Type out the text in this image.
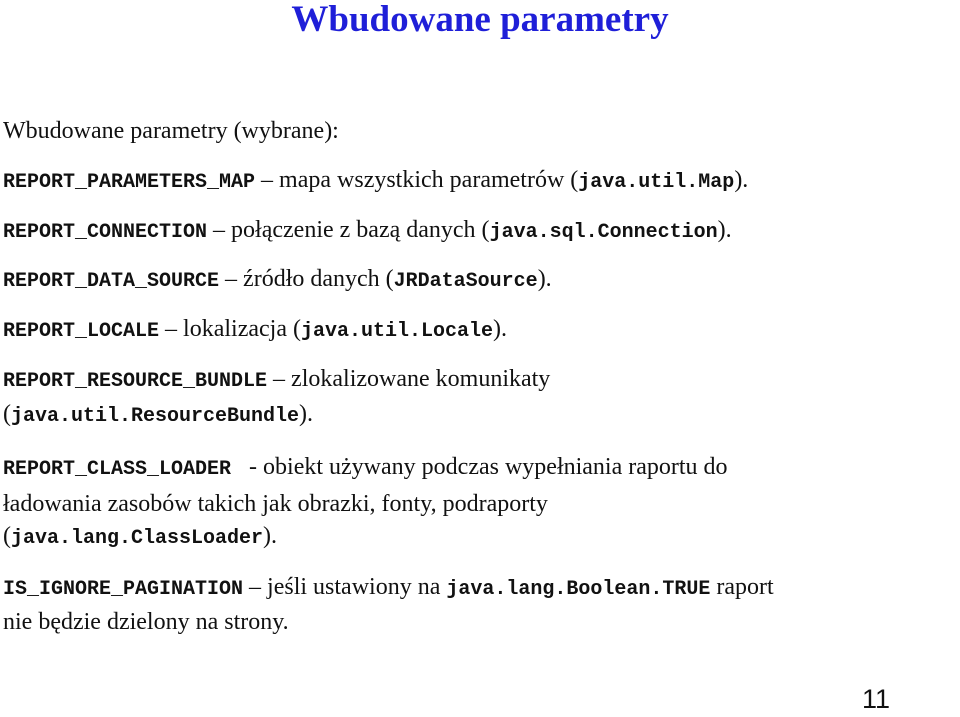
Wbudowane parametry
Wbudowane parametry (wybrane):
REPORT_PARAMETERS_MAP – mapa wszystkich parametrów (java.util.Map).
REPORT_CONNECTION – połączenie z bazą danych (java.sql.Connection).
REPORT_DATA_SOURCE – źródło danych (JRDataSource).
REPORT_LOCALE – lokalizacja (java.util.Locale).
REPORT_RESOURCE_BUNDLE – zlokalizowane komunikaty
(java.util.ResourceBundle).
REPORT_CLASS_LOADER   - obiekt używany podczas wypełniania raportu do
ładowania zasobów takich jak obrazki, fonty, podraporty
(java.lang.ClassLoader).
IS_IGNORE_PAGINATION – jeśli ustawiony na java.lang.Boolean.TRUE raport
nie będzie dzielony na strony.
11
